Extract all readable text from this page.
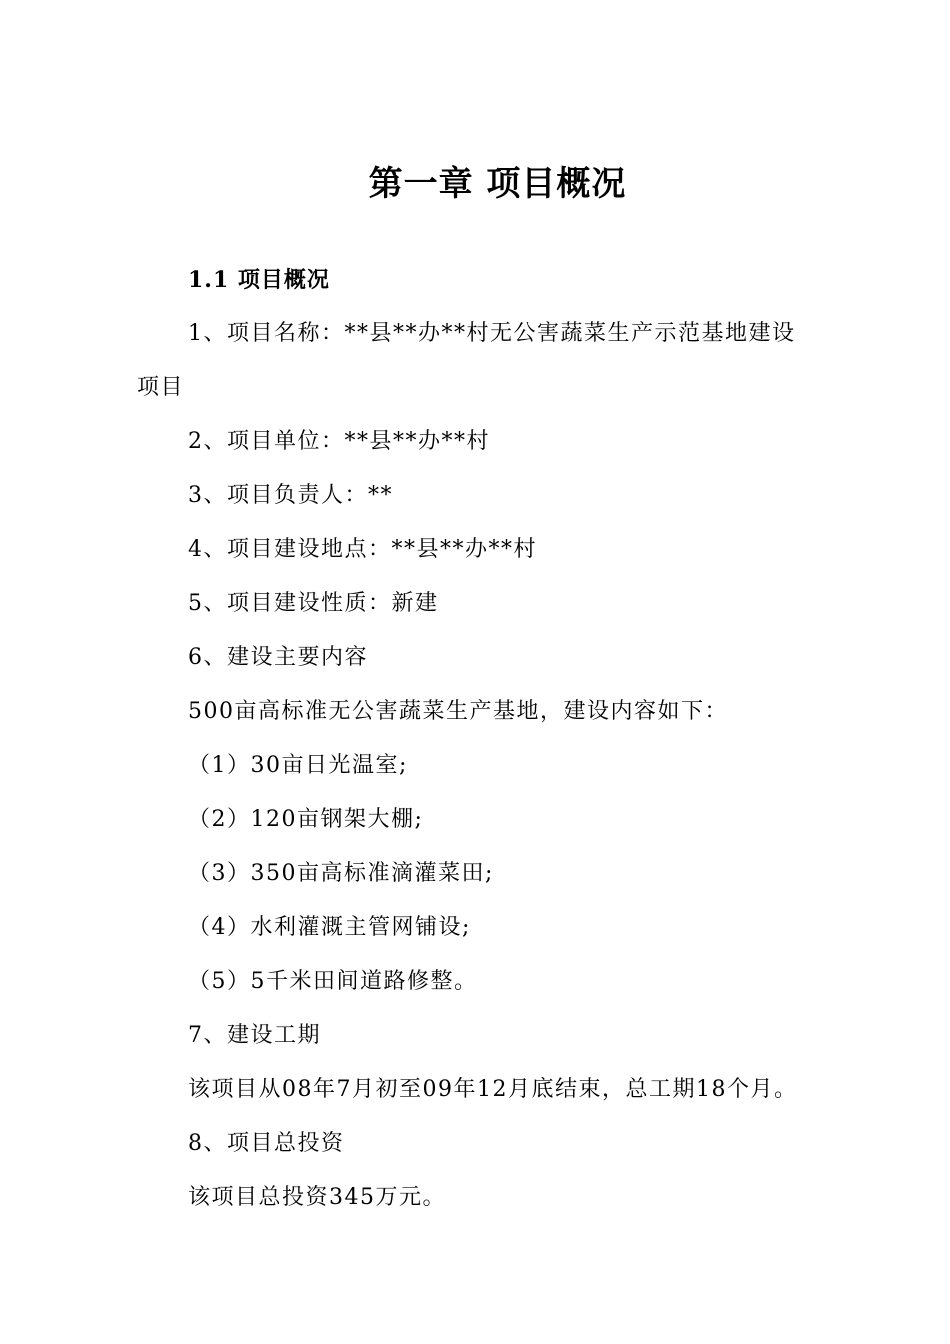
第一章 项目概况
1.1 项目概况
1、项目名称：**县**办**村无公害蔬菜生产示范基地建设
项目
2、项目单位：**县**办**村
3、项目负责人：**
4、项目建设地点：**县**办**村
5、项目建设性质：新建
6、建设主要内容
500亩高标准无公害蔬菜生产基地，建设内容如下：
（1）30亩日光温室;
（2）120亩钢架大棚;
（3）350亩高标准滴灌菜田;
（4）水利灌溉主管网铺设;
（5）5千米田间道路修整。
7、建设工期
该项目从08年7月初至09年12月底结束，总工期18个月。
8、项目总投资
该项目总投资345万元。
